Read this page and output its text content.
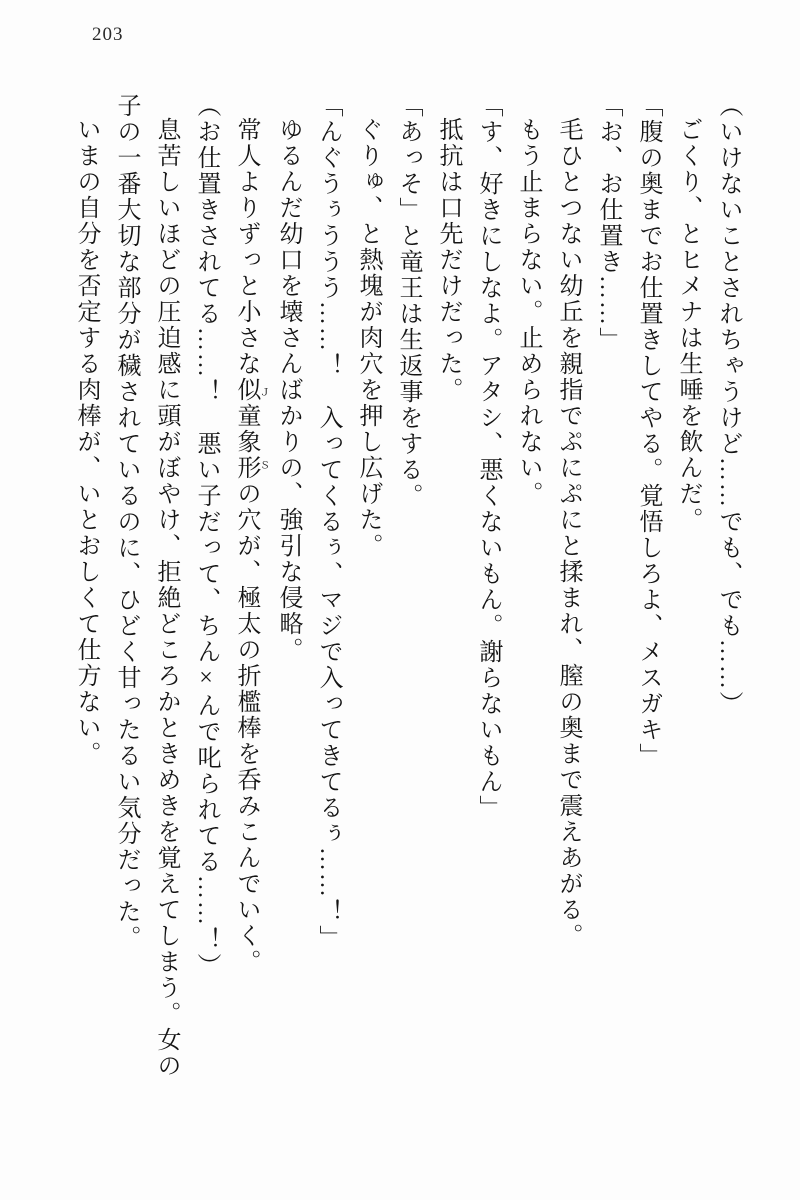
203

（いけないことされちゃうけど……でも、でも……）

ごくり、とヒメナは生唾を飲んだ。

「腹の奥までお仕置きしてやる。覚悟しろよ、メスガキ」

「お、お仕置き……」

毛ひとつない幼丘を親指でぷにぷにと揉まれ、膣の奥まで震えあがる。

もう止まらない。止められない。

「す、好きにしなよ。アタシ、悪くないもん。謝らないもん」

抵抗は口先だけだった。

「あっそ」と竜王は生返事をする。

ぐりゅ、と熱塊が肉穴を押し広げた。

「んぐうぅううう……！　入ってくるぅ、マジで入ってきてるぅ……！」

ゆるんだ幼口を壊さんばかりの、強引な侵略。

常人よりずっと小さな似童象形ＪＳの穴が、極太の折檻棒を呑みこんでいく。

（お仕置きされてる……！　悪い子だって、ちん×んで叱られてる……！）

息苦しいほどの圧迫感に頭がぼやけ、拒絶どころかときめきを覚えてしまう。女の

子の一番大切な部分が穢されているのに、ひどく甘ったるい気分だった。

いまの自分を否定する肉棒が、いとおしくて仕方ない。
